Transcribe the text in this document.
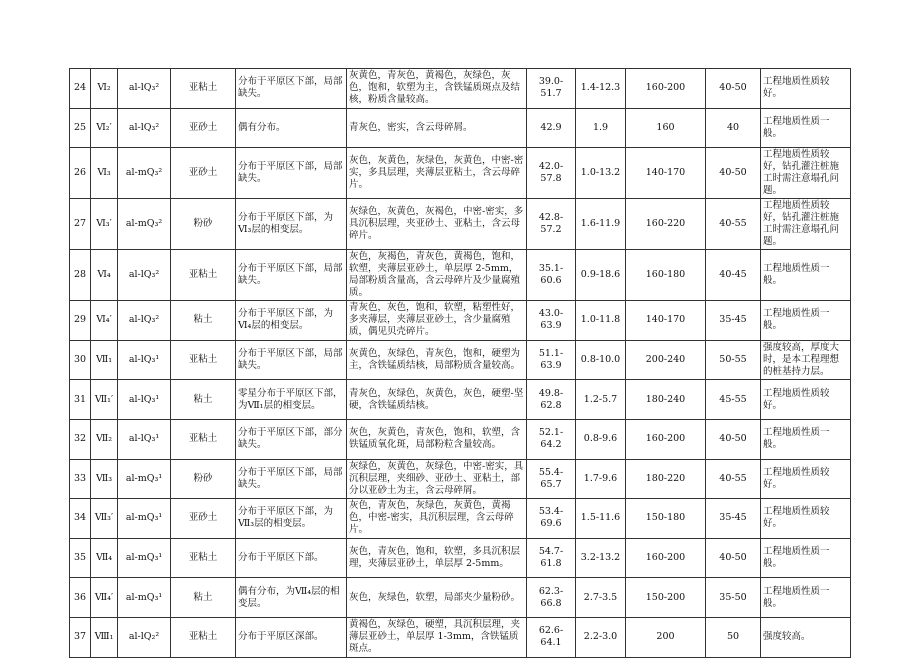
24	Ⅵ₂	al-lQ₃²	亚粘土	分布于平原区下部，局部缺失。	灰黄色，青灰色，黄褐色，灰绿色，灰色，饱和，软塑为主，含铁锰质斑点及结核，粉质含量较高。	39.0-51.7	1.4-12.3	160-200	40-50	工程地质性质较好。
25	Ⅵ₂′	al-lQ₃²	亚砂土	偶有分布。	青灰色，密实，含云母碎屑。	42.9	1.9	160	40	工程地质性质一般。
26	Ⅵ₃	al-mQ₃²	亚砂土	分布于平原区下部，局部缺失。	灰色，灰黄色，灰绿色，灰黄色，中密-密实，多具层理，夹薄层亚粘土，含云母碎片。	42.0-57.8	1.0-13.2	140-170	40-50	工程地质性质较好，钻孔灌注桩施工时需注意塌孔问题。
27	Ⅵ₃′	al-mQ₃²	粉砂	分布于平原区下部，为Ⅵ₃层的相变层。	灰绿色，灰黄色，灰褐色，中密-密实，多具沉积层理，夹亚砂土、亚粘土，含云母碎片。	42.8-57.2	1.6-11.9	160-220	40-55	工程地质性质较好，钻孔灌注桩施工时需注意塌孔问题。
28	Ⅵ₄	al-lQ₃²	亚粘土	分布于平原区下部，局部缺失。	灰色，灰褐色，青灰色，黄褐色，饱和，软塑，夹薄层亚砂土，单层厚 2-5mm，局部粉质含量高，含云母碎片及少量腐殖质。	35.1-60.6	0.9-18.6	160-180	40-45	工程地质性质一般。
29	Ⅵ₄′	al-lQ₃²	粘土	分布于平原区下部，为Ⅵ₄层的相变层。	青灰色，灰色，饱和，软塑，粘塑性好，多夹薄层，夹薄层亚砂土，含少量腐殖质，偶见贝壳碎片。	43.0-63.9	1.0-11.8	140-170	35-45	工程地质性质一般。
30	Ⅶ₁	al-lQ₃¹	亚粘土	分布于平原区下部，局部缺失。	灰黄色，灰绿色，青灰色，饱和，硬塑为主，含铁锰质结核，局部粉质含量较高。	51.1-63.9	0.8-10.0	200-240	50-55	强度较高，厚度大时，是本工程理想的桩基持力层。
31	Ⅶ₁′	al-lQ₃¹	粘土	零星分布于平原区下部，为Ⅶ₁层的相变层。	青灰色，灰绿色，灰黄色，灰色，硬塑-坚硬，含铁锰质结核。	49.8-62.8	1.2-5.7	180-240	45-55	工程地质性质较好。
32	Ⅶ₂	al-lQ₃¹	亚粘土	分布于平原区下部，部分缺失。	灰色，灰黄色，青灰色，饱和，软塑，含铁锰质氧化斑，局部粉粒含量较高。	52.1-64.2	0.8-9.6	160-200	40-50	工程地质性质一般。
33	Ⅶ₃	al-mQ₃¹	粉砂	分布于平原区下部，局部缺失。	灰绿色，灰黄色，灰绿色，中密-密实，具沉积层理，夹细砂、亚砂土、亚粘土，部分以亚砂土为主，含云母碎屑。	55.4-65.7	1.7-9.6	180-220	40-55	工程地质性质较好。
34	Ⅶ₃′	al-mQ₃¹	亚砂土	分布于平原区下部，为Ⅶ₃层的相变层。	灰色，青灰色，灰绿色，灰黄色，黄褐色，中密-密实，具沉积层理，含云母碎片。	53.4-69.6	1.5-11.6	150-180	35-45	工程地质性质较好。
35	Ⅶ₄	al-mQ₃¹	亚粘土	分布于平原区下部。	灰色，青灰色，饱和，软塑，多具沉积层理，夹薄层亚砂土，单层厚 2-5mm。	54.7-61.8	3.2-13.2	160-200	40-50	工程地质性质一般。
36	Ⅶ₄′	al-mQ₃¹	粘土	偶有分布，为Ⅶ₄层的相变层。	灰色，灰绿色，软塑，局部夹少量粉砂。	62.3-66.8	2.7-3.5	150-200	35-50	工程地质性质一般。
37	Ⅷ₁	al-lQ₂²	亚粘土	分布于平原区深部。	黄褐色，灰绿色，硬塑，具沉积层理，夹薄层亚砂土，单层厚 1-3mm，含铁锰质斑点。	62.6-64.1	2.2-3.0	200	50	强度较高。
